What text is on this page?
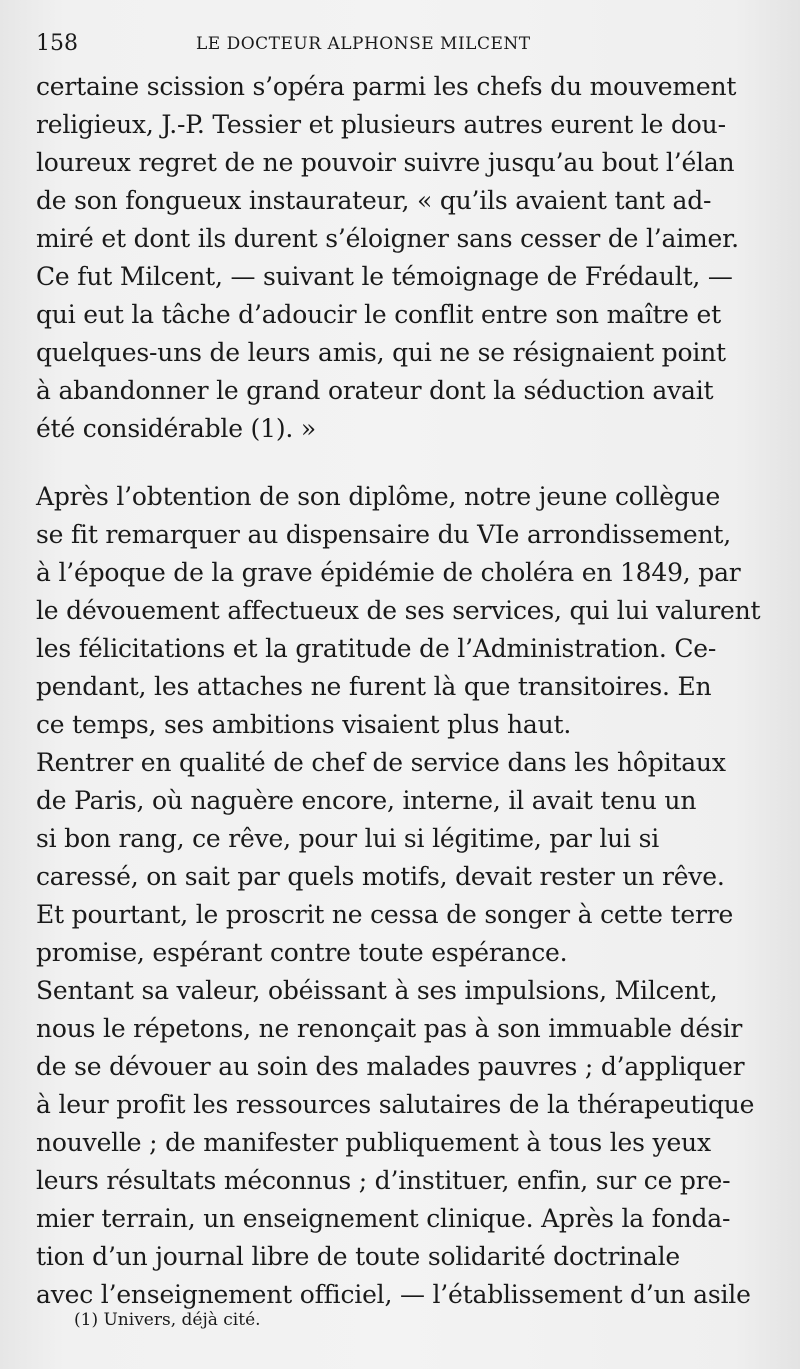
158	LE DOCTEUR ALPHONSE MILCENT
certaine scission s’opéra parmi les chefs du mouvement
religieux, J.-P. Tessier et plusieurs autres eurent le dou-
loureux regret de ne pouvoir suivre jusqu’au bout l’élan
de son fongueux instaurateur, « qu’ils avaient tant ad-
miré et dont ils durent s’éloigner sans cesser de l’aimer.
Ce fut Milcent, — suivant le témoignage de Frédault, —
qui eut la tâche d’adoucir le conflit entre son maître et
quelques-uns de leurs amis, qui ne se résignaient point
à abandonner le grand orateur dont la séduction avait
été considérable (1). »
Après l’obtention de son diplôme, notre jeune collègue
se fit remarquer au dispensaire du VIe arrondissement,
à l’époque de la grave épidémie de choléra en 1849, par
le dévouement affectueux de ses services, qui lui valurent
les félicitations et la gratitude de l’Administration. Ce-
pendant, les attaches ne furent là que transitoires. En
ce temps, ses ambitions visaient plus haut.
Rentrer en qualité de chef de service dans les hôpitaux
de Paris, où naguère encore, interne, il avait tenu un
si bon rang, ce rêve, pour lui si légitime, par lui si
caressé, on sait par quels motifs, devait rester un rêve.
Et pourtant, le proscrit ne cessa de songer à cette terre
promise, espérant contre toute espérance.
Sentant sa valeur, obéissant à ses impulsions, Milcent,
nous le répetons, ne renonçait pas à son immuable désir
de se dévouer au soin des malades pauvres ; d’appliquer
à leur profit les ressources salutaires de la thérapeutique
nouvelle ; de manifester publiquement à tous les yeux
leurs résultats méconnus ; d’instituer, enfin, sur ce pre-
mier terrain, un enseignement clinique. Après la fonda-
tion d’un journal libre de toute solidarité doctrinale
avec l’enseignement officiel, — l’établissement d’un asile
(1) Univers, déjà cité.
